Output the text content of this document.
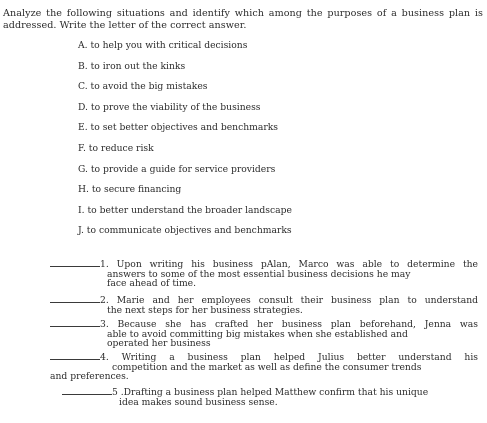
Analyze the following situations and identify which among the purposes of a business plan is addressed. Write the letter of the correct answer.
A. to help you with critical decisions
B. to iron out the kinks
C. to avoid the big mistakes
D. to prove the viability of the business
E. to set better objectives and benchmarks
F. to reduce risk
G. to provide a guide for service providers
H. to secure financing
I. to better understand the broader landscape
J. to communicate objectives and benchmarks
1. Upon writing his business pAlan, Marco was able to determine the
answers to some of the most essential business decisions he may
face ahead of time.
2. Marie and her employees consult their business plan to understand
the next steps for her business strategies.
3. Because she has crafted her business plan beforehand, Jenna was
able to avoid committing big mistakes when she established and
operated her business
4. Writing a business plan helped Julius better understand his
competition and the market as well as define the consumer trends
and preferences.
5 .Drafting a business plan helped Matthew confirm that his unique
idea makes sound business sense.
